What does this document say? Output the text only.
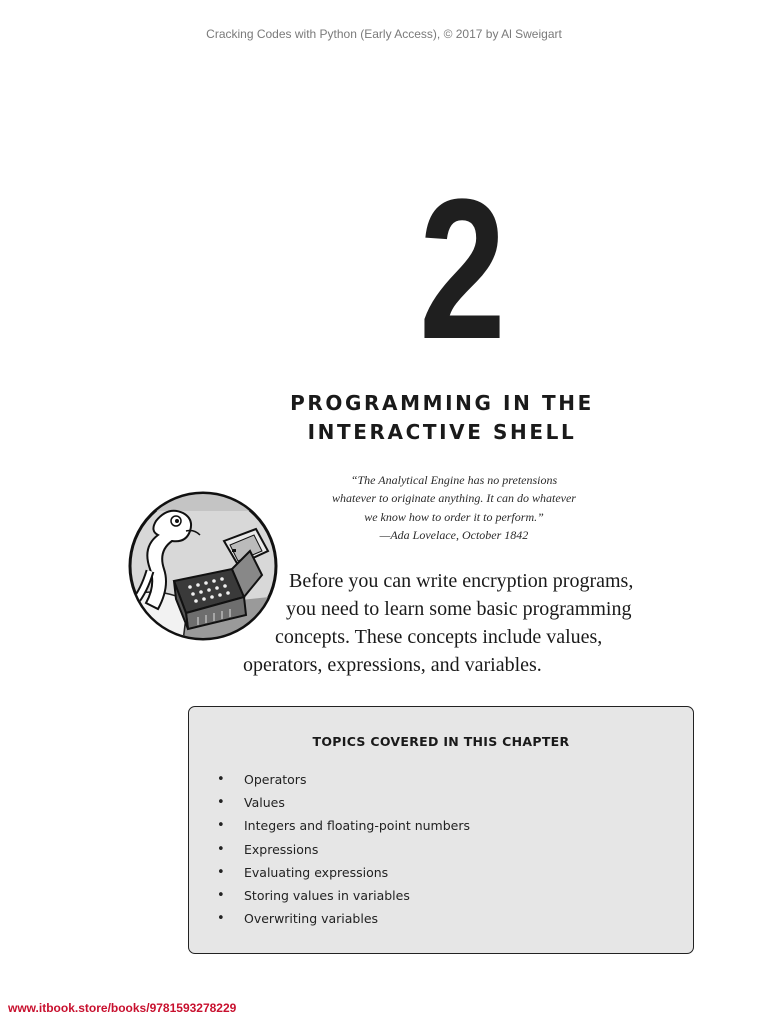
Cracking Codes with Python (Early Access), © 2017 by Al Sweigart
2
PROGRAMMING IN THE
INTERACTIVE SHELL
“The Analytical Engine has no pretensions
whatever to originate anything. It can do whatever
we know how to order it to perform.”
—Ada Lovelace, October 1842
Before you can write encryption programs,
you need to learn some basic programming
concepts. These concepts include values,
operators, expressions, and variables.
TOPICS COVERED IN THIS CHAPTER
• Operators
• Values
• Integers and floating-point numbers
• Expressions
• Evaluating expressions
• Storing values in variables
• Overwriting variables
www.itbook.store/books/9781593278229
